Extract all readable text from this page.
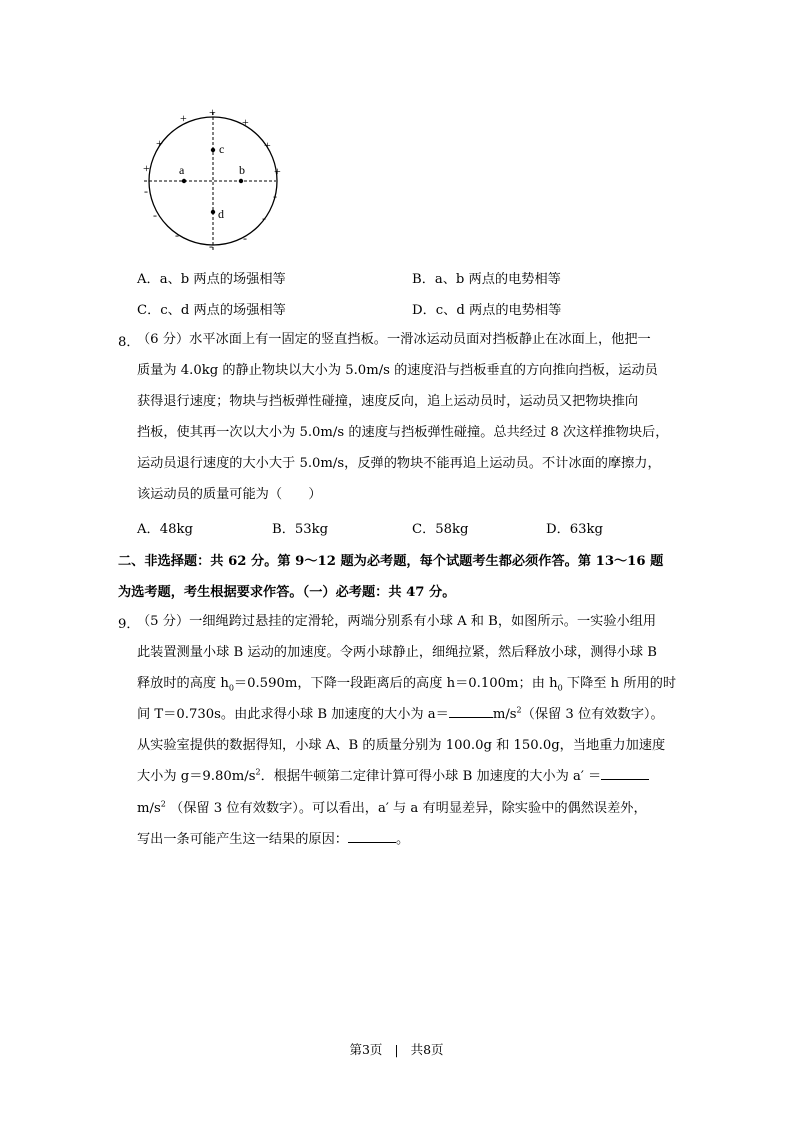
a	b
c
d
+
+
+
+
+
+
+
-
-
-
-
-
-
-
A．a、b 两点的场强相等	B．a、b 两点的电势相等
C．c、d 两点的场强相等	D．c、d 两点的电势相等
8．
（6 分）水平冰面上有一固定的竖直挡板。一滑冰运动员面对挡板静止在冰面上，他把一
质量为 4.0kg 的静止物块以大小为 5.0m/s 的速度沿与挡板垂直的方向推向挡板，运动员
获得退行速度；物块与挡板弹性碰撞，速度反向，追上运动员时，运动员又把物块推向
挡板，使其再一次以大小为 5.0m/s 的速度与挡板弹性碰撞。总共经过 8 次这样推物块后，
运动员退行速度的大小大于 5.0m/s，反弹的物块不能再追上运动员。不计冰面的摩擦力，
该运动员的质量可能为（　　）
A．48kg	B．53kg	C．58kg	D．63kg
二、非选择题：共 62 分。第 9～12 题为必考题，每个试题考生都必须作答。第 13～16 题
为选考题，考生根据要求作答。（一）必考题：共 47 分。
9．
（5 分）一细绳跨过悬挂的定滑轮，两端分别系有小球 A 和 B，如图所示。一实验小组用
此装置测量小球 B 运动的加速度。令两小球静止，细绳拉紧，然后释放小球，测得小球 B
释放时的高度 $h_0=0.590m$，下降一段距离后的高度 h＝0.100m；由 $h_0$ 下降至 h 所用的时
间 T＝0.730s。由此求得小球 B 加速度的大小为 a＝	$m/s^2$（保留 3 位有效数字）。
从实验室提供的数据得知，小球 A、B 的质量分别为 100.0g 和 150.0g，当地重力加速度
大小为 $g=9.80m/s^2$．根据牛顿第二定律计算可得小球 B 加速度的大小为 a′ ＝
$m/s^2$ （保留 3 位有效数字）。可以看出，a′ 与 a 有明显差异，除实验中的偶然误差外，
写出一条可能产生这一结果的原因：	。
第3页 | 共8页
